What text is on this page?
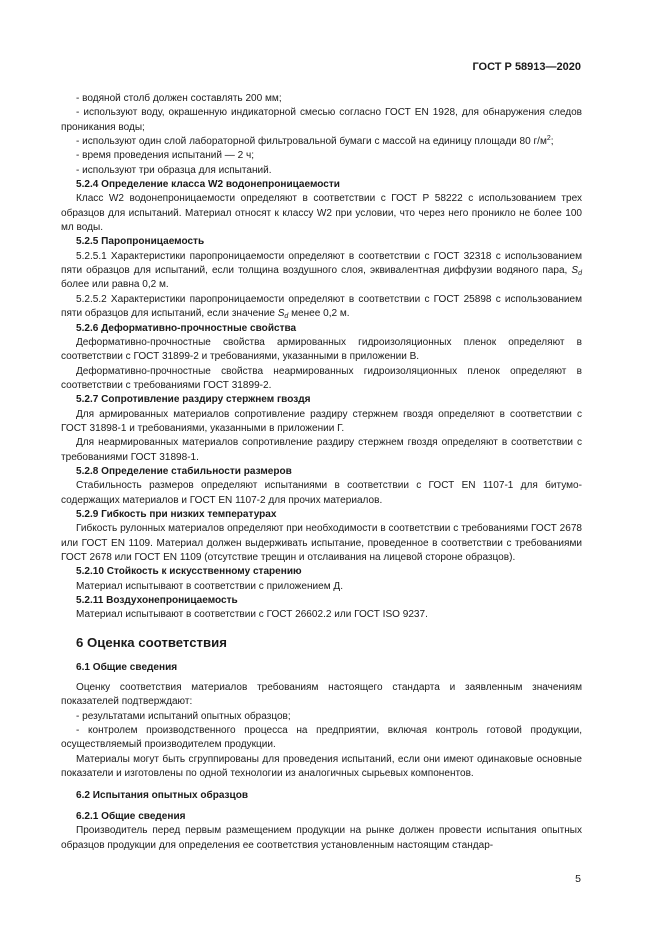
ГОСТ Р 58913—2020

- водяной столб должен составлять 200 мм;

- используют воду, окрашенную индикаторной смесью согласно ГОСТ EN 1928, для обнаружения следов проникания воды;

- используют один слой лабораторной фильтровальной бумаги с массой на единицу площади 80 $г/м^2$;

- время проведения испытаний — 2 ч;

- используют три образца для испытаний.

5.2.4 Определение класса W2 водонепроницаемости

Класс W2 водонепроницаемости определяют в соответствии с ГОСТ Р 58222 с использованием трех образцов для испытаний. Материал относят к классу W2 при условии, что через него проникло не более 100 мл воды.

5.2.5 Паропроницаемость

5.2.5.1 Характеристики паропроницаемости определяют в соответствии с ГОСТ 32318 с использованием пяти образцов для испытаний, если толщина воздушного слоя, эквивалентная диффузии водяного пара, $S_d$ более или равна 0,2 м.

5.2.5.2 Характеристики паропроницаемости определяют в соответствии с ГОСТ 25898 с использованием пяти образцов для испытаний, если значение $S_d$ менее 0,2 м.

5.2.6 Деформативно-прочностные свойства

Деформативно-прочностные свойства армированных гидроизоляционных пленок определяют в соответствии с ГОСТ 31899-2 и требованиями, указанными в приложении В.

Деформативно-прочностные свойства неармированных гидроизоляционных пленок определяют в соответствии с требованиями ГОСТ 31899-2.

5.2.7 Сопротивление раздиру стержнем гвоздя

Для армированных материалов сопротивление раздиру стержнем гвоздя определяют в соответствии с ГОСТ 31898-1 и требованиями, указанными в приложении Г.

Для неармированных материалов сопротивление раздиру стержнем гвоздя определяют в соответствии с требованиями ГОСТ 31898-1.

5.2.8 Определение стабильности размеров

Стабильность размеров определяют испытаниями в соответствии с ГОСТ EN 1107-1 для битумосодержащих материалов и ГОСТ EN 1107-2 для прочих материалов.

5.2.9 Гибкость при низких температурах

Гибкость рулонных материалов определяют при необходимости в соответствии с требованиями ГОСТ 2678 или ГОСТ EN 1109. Материал должен выдерживать испытание, проведенное в соответствии с требованиями ГОСТ 2678 или ГОСТ EN 1109 (отсутствие трещин и отслаивания на лицевой стороне образцов).

5.2.10 Стойкость к искусственному старению

Материал испытывают в соответствии с приложением Д.

5.2.11 Воздухонепроницаемость

Материал испытывают в соответствии с ГОСТ 26602.2 или ГОСТ ISO 9237.

6 Оценка соответствия

6.1 Общие сведения

Оценку соответствия материалов требованиям настоящего стандарта и заявленным значениям показателей подтверждают:

- результатами испытаний опытных образцов;

- контролем производственного процесса на предприятии, включая контроль готовой продукции, осуществляемый производителем продукции.

Материалы могут быть сгруппированы для проведения испытаний, если они имеют одинаковые основные показатели и изготовлены по одной технологии из аналогичных сырьевых компонентов.

6.2 Испытания опытных образцов

6.2.1 Общие сведения

Производитель перед первым размещением продукции на рынке должен провести испытания опытных образцов продукции для определения ее соответствия установленным настоящим стандар-

5
